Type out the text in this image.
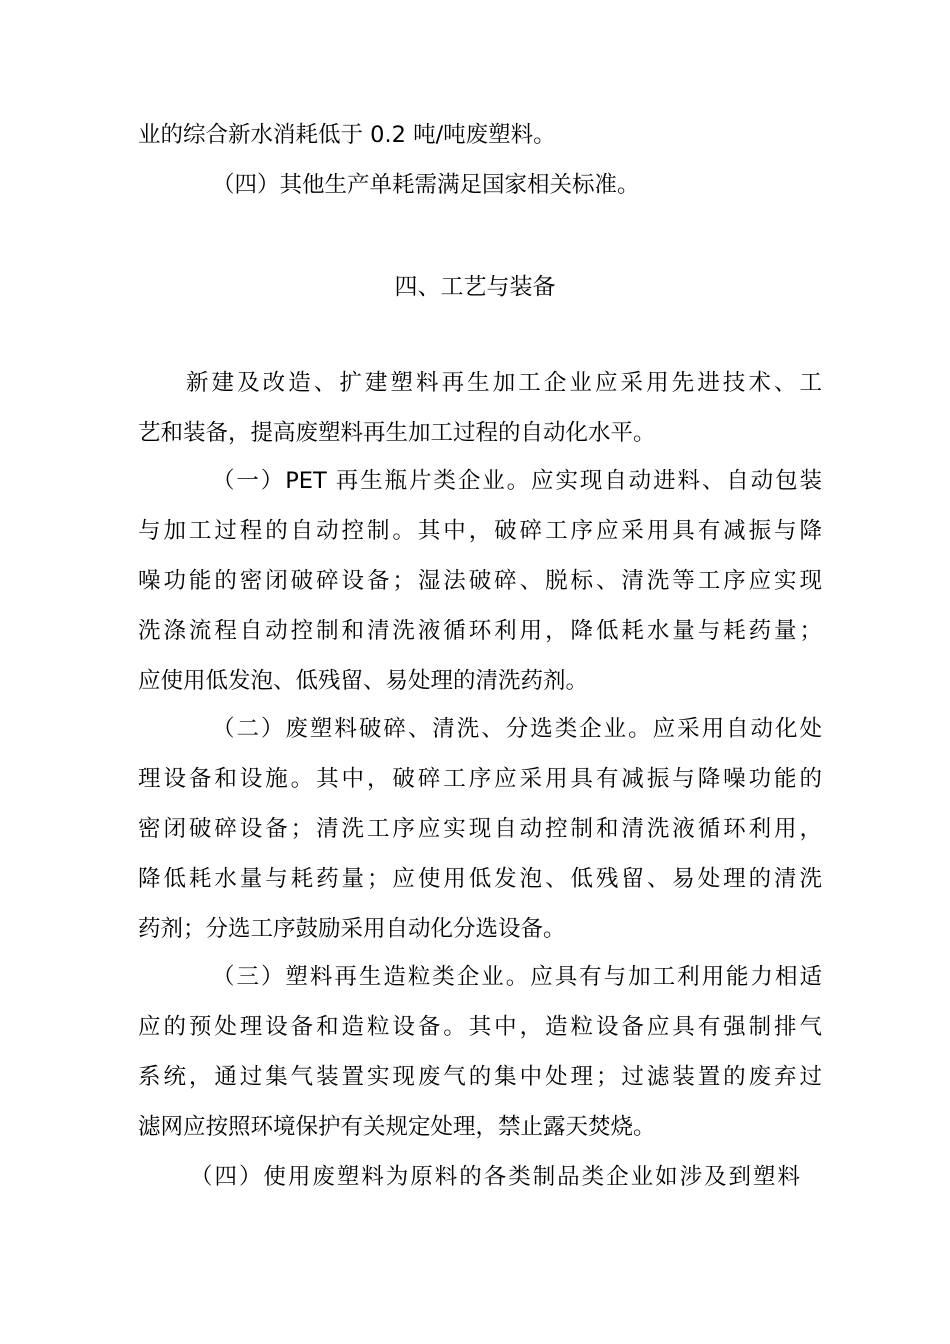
业的综合新水消耗低于 0.2 吨/吨废塑料。
（四）其他生产单耗需满足国家相关标准。
四、工艺与装备
新建及改造、扩建塑料再生加工企业应采用先进技术、工
艺和装备，提高废塑料再生加工过程的自动化水平。
（一）PET 再生瓶片类企业。应实现自动进料、自动包装
与加工过程的自动控制。其中，破碎工序应采用具有减振与降
噪功能的密闭破碎设备；湿法破碎、脱标、清洗等工序应实现
洗涤流程自动控制和清洗液循环利用，降低耗水量与耗药量；
应使用低发泡、低残留、易处理的清洗药剂。
（二）废塑料破碎、清洗、分选类企业。应采用自动化处
理设备和设施。其中，破碎工序应采用具有减振与降噪功能的
密闭破碎设备；清洗工序应实现自动控制和清洗液循环利用，
降低耗水量与耗药量；应使用低发泡、低残留、易处理的清洗
药剂；分选工序鼓励采用自动化分选设备。
（三）塑料再生造粒类企业。应具有与加工利用能力相适
应的预处理设备和造粒设备。其中，造粒设备应具有强制排气
系统，通过集气装置实现废气的集中处理；过滤装置的废弃过
滤网应按照环境保护有关规定处理，禁止露天焚烧。
（四）使用废塑料为原料的各类制品类企业如涉及到塑料
